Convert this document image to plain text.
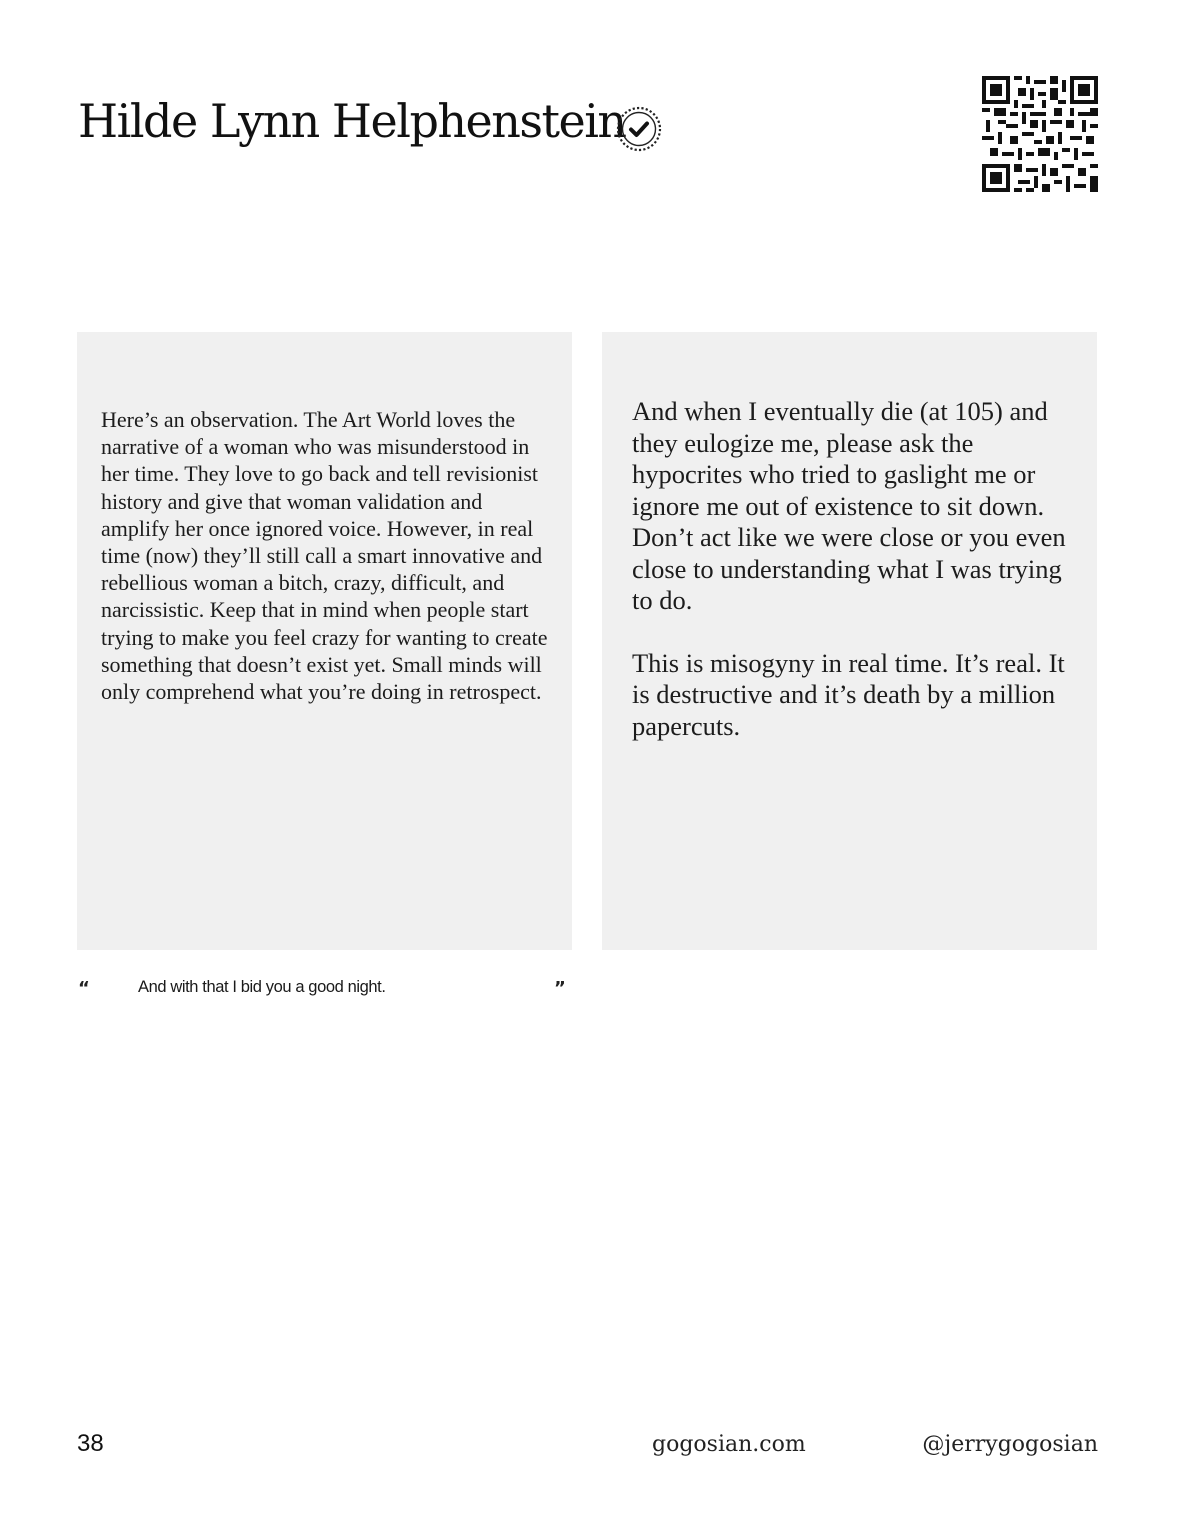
Hilde Lynn Helphenstein

Here’s an observation. The Art World loves the narrative of a woman who was misunderstood in her time. They love to go back and tell revisionist history and give that woman validation and amplify her once ignored voice. However, in real time (now) they’ll still call a smart innovative and rebellious woman a bitch, crazy, difficult, and narcissistic. Keep that in mind when people start trying to make you feel crazy for wanting to create something that doesn’t exist yet. Small minds will only comprehend what you’re doing in retrospect.

And when I eventually die (at 105) and they eulogize me, please ask the hypocrites who tried to gaslight me or ignore me out of existence to sit down. Don’t act like we were close or you even close to understanding what I was trying to do.

This is misogyny in real time. It’s real. It is destructive and it’s death by a million papercuts.

“	And with that I bid you a good night.	”
38	gogosian.com	@jerrygogosian
